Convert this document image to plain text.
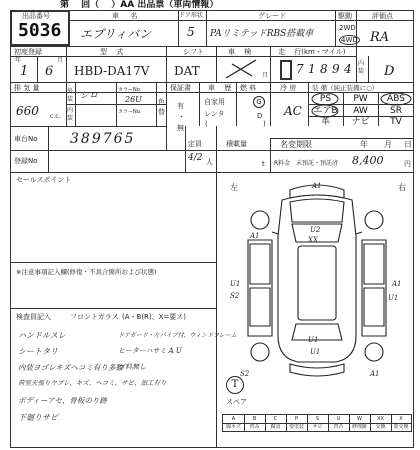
第 　回（ 　）AA 出品票（車両情報）
出品番号
5036
車 　 名
エブリィバン
ドア形状
5
グレード
PAリミテッドRBS搭載車
駆動
2WD
4WD
評価点
RA
初度登録
年	月
1 6
型 　式
HBD-DA17V
シフト
DAT
車 　検
月
走 　行(km・マイル)
7 1 8 9 4 内装 D
排 気 量
660 c.c.
外装
内装
シロ
カラーNo.
26U
カラーNo.
色
替
保証書
有
・
無
車 　歴
自家用
レンタ
(
燃 料
G
D
)
冷 房
AC
装 備（純正装備に○）
PS	PW	ABS
エアB	AW	SR
革	ナビ	TV
車台No 389765
登録No
定員
4/2 人
積載量
t
名変期限	年 月 日
R料金 未預託・預託済 8,400	円
セールスポイント
※注意事項記入欄(修復・不具合箇所および状態)
検査員記入	フロントガラス (A・B(R)、X=要ス)
ハンドルスレ
シートタリ
内装ヨゴレキズヘコミ有り多数
荷室天張りヤブレ、キズ、ヘコミ、サビ、加工有り
ボディーアセ、骨板のり跡
下廻りサビ
ドアガード・左パイプ付、ウィンドフレーム
ヒーターハサミ A U
ゴ料無し
左	右
A1
U2
XX
A1
U1
S2
A1
U1
A1
U1
U1
S2
T
スペア
A	B	C	P	S	U	W	XX	X
線キズ	凹み	腐食	要塗装	サビ	凹凸	修理跡	交換	要交換
